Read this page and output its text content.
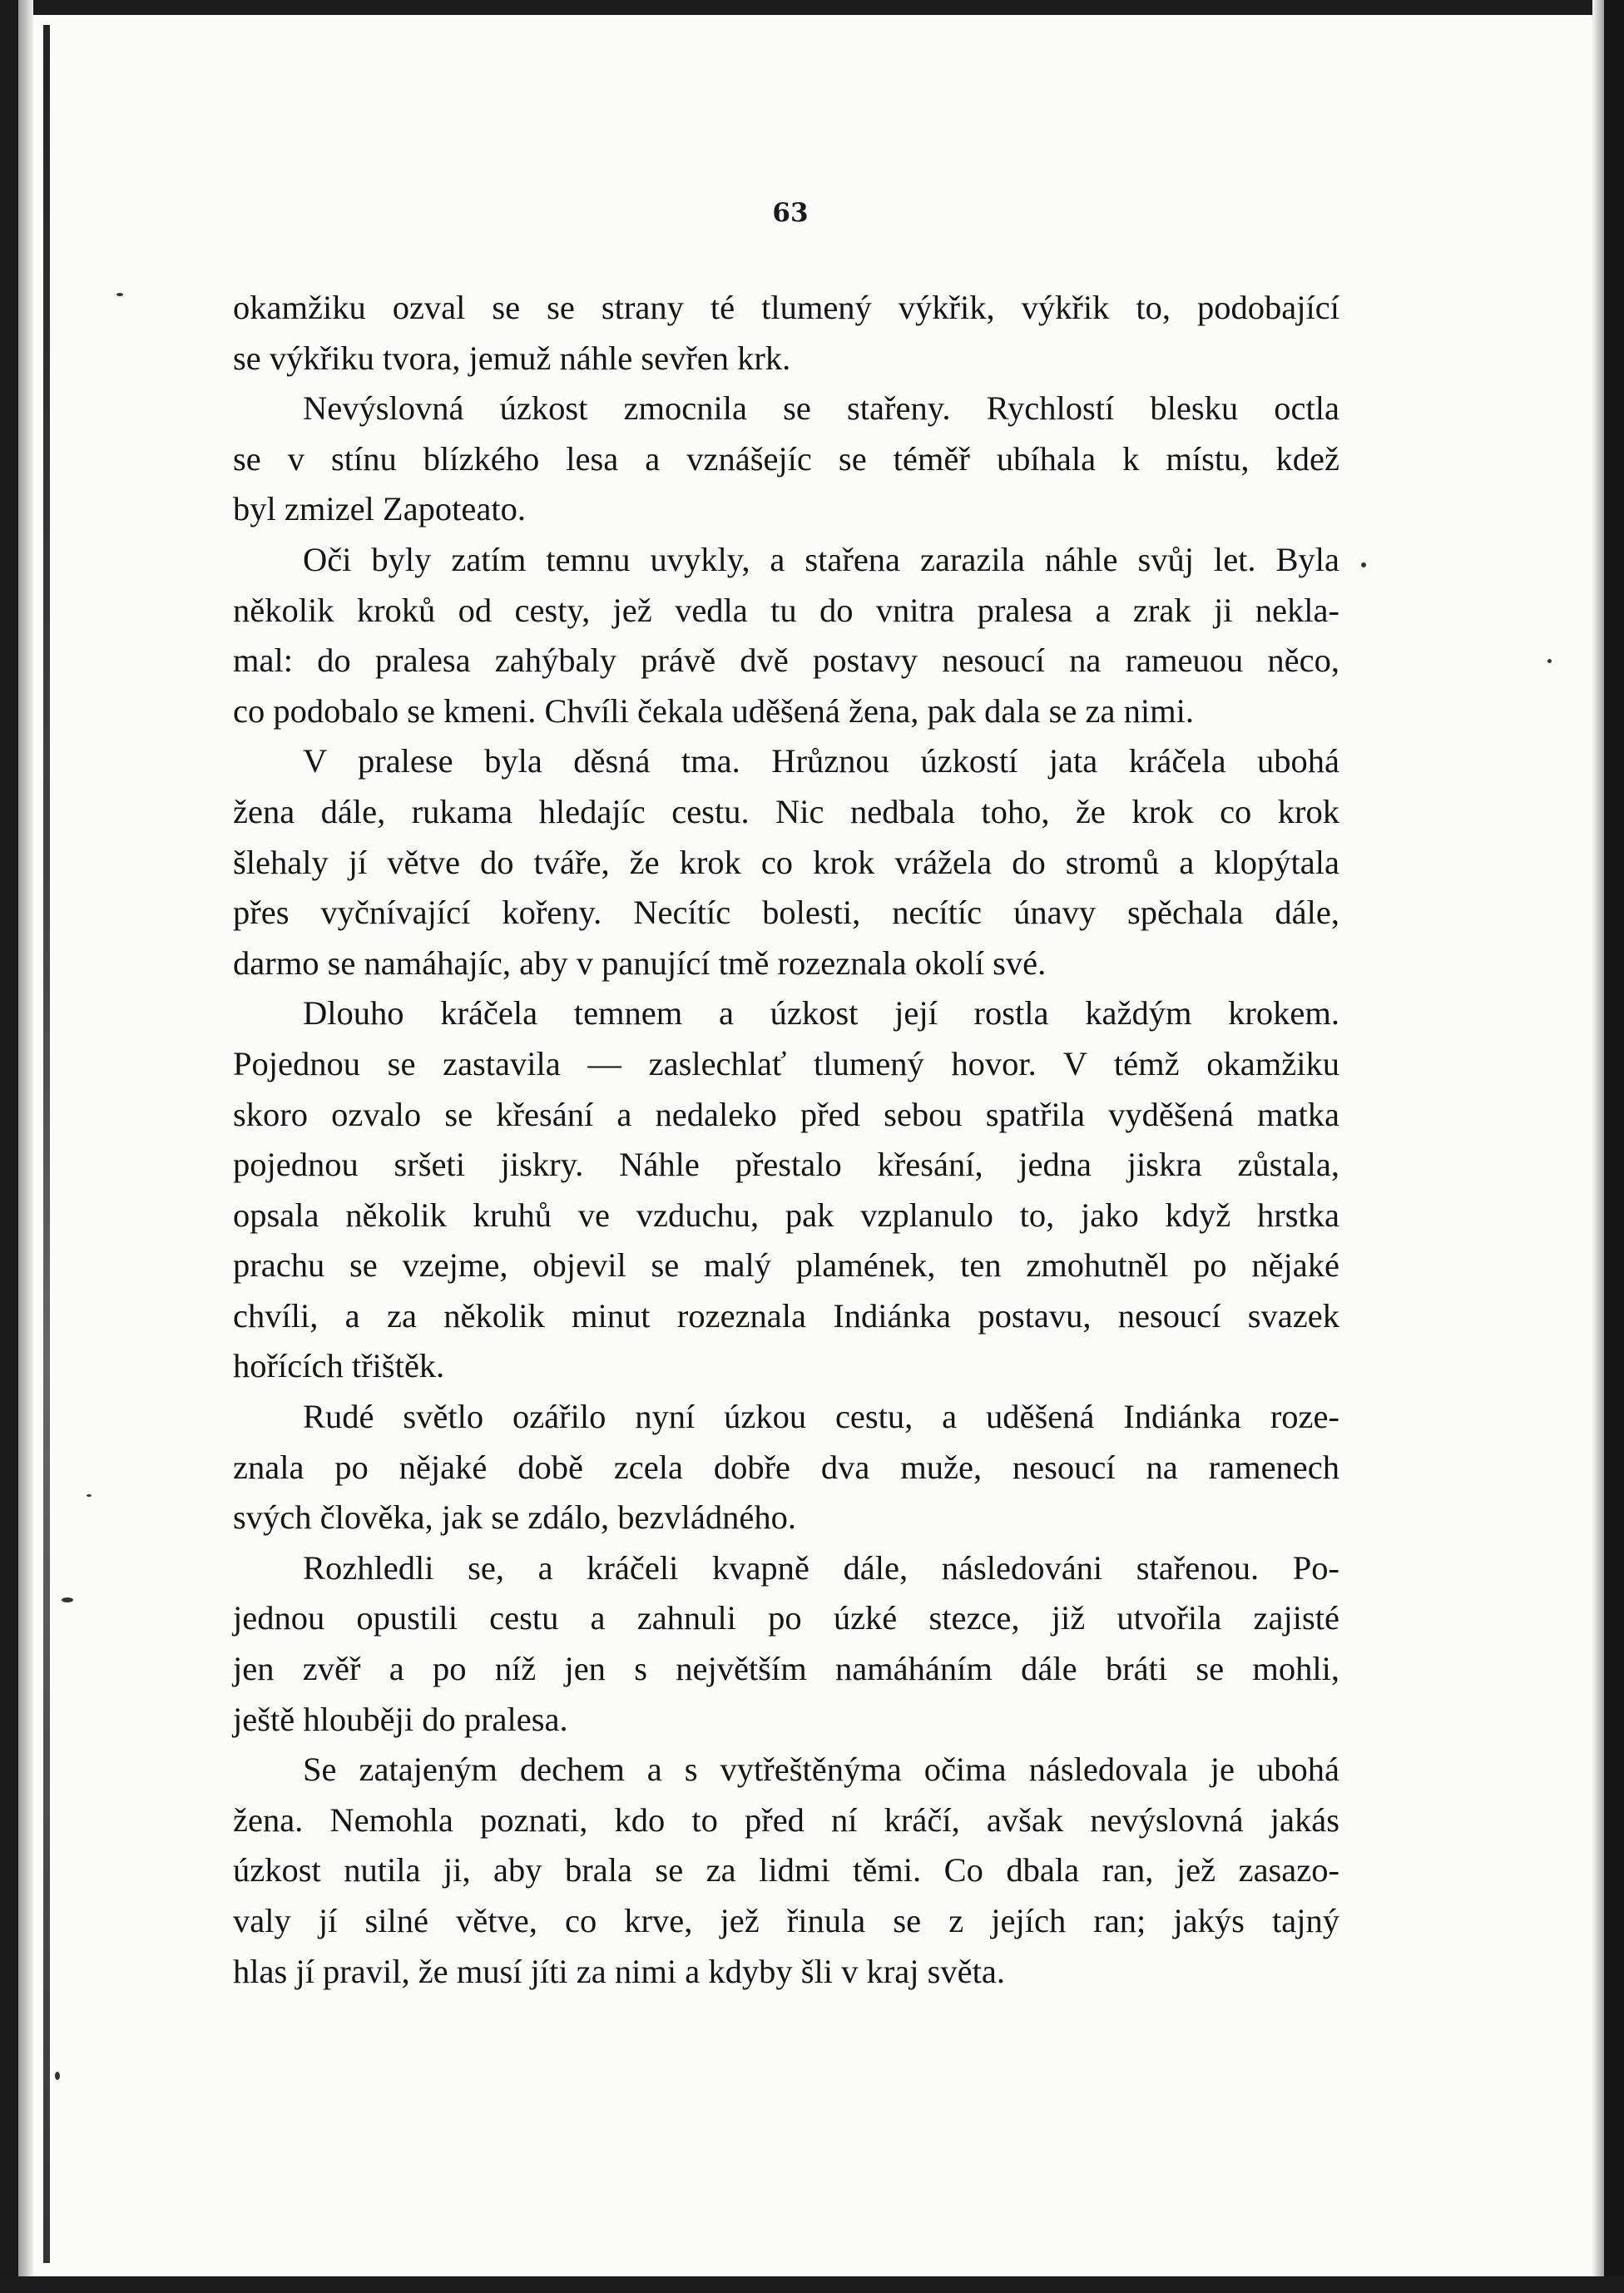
63
okamžiku ozval se se strany té tlumený výkřik, výkřik to, podobající
se výkřiku tvora, jemuž náhle sevřen krk.
Nevýslovná úzkost zmocnila se stařeny. Rychlostí blesku octla
se v stínu blízkého lesa a vznášejíc se téměř ubíhala k místu, kdež
byl zmizel Zapoteato.
Oči byly zatím temnu uvykly, a stařena zarazila náhle svůj let. Byla
několik kroků od cesty, jež vedla tu do vnitra pralesa a zrak ji nekla-
mal: do pralesa zahýbaly právě dvě postavy nesoucí na rameuou něco,
co podobalo se kmeni. Chvíli čekala uděšená žena, pak dala se za nimi.
V pralese byla děsná tma. Hrůznou úzkostí jata kráčela ubohá
žena dále, rukama hledajíc cestu. Nic nedbala toho, že krok co krok
šlehaly jí větve do tváře, že krok co krok vrážela do stromů a klopýtala
přes vyčnívající kořeny. Necítíc bolesti, necítíc únavy spěchala dále,
darmo se namáhajíc, aby v panující tmě rozeznala okolí své.
Dlouho kráčela temnem a úzkost její rostla každým krokem.
Pojednou se zastavila — zaslechlať tlumený hovor. V témž okamžiku
skoro ozvalo se křesání a nedaleko před sebou spatřila vyděšená matka
pojednou sršeti jiskry. Náhle přestalo křesání, jedna jiskra zůstala,
opsala několik kruhů ve vzduchu, pak vzplanulo to, jako když hrstka
prachu se vzejme, objevil se malý plamének, ten zmohutněl po nějaké
chvíli, a za několik minut rozeznala Indiánka postavu, nesoucí svazek
hořících třištěk.
Rudé světlo ozářilo nyní úzkou cestu, a uděšená Indiánka roze-
znala po nějaké době zcela dobře dva muže, nesoucí na ramenech
svých člověka, jak se zdálo, bezvládného.
Rozhledli se, a kráčeli kvapně dále, následováni stařenou. Po-
jednou opustili cestu a zahnuli po úzké stezce, již utvořila zajisté
jen zvěř a po níž jen s největším namáháním dále bráti se mohli,
ještě hlouběji do pralesa.
Se zatajeným dechem a s vytřeštěnýma očima následovala je ubohá
žena. Nemohla poznati, kdo to před ní kráčí, avšak nevýslovná jakás
úzkost nutila ji, aby brala se za lidmi těmi. Co dbala ran, jež zasazo-
valy jí silné větve, co krve, jež řinula se z jejích ran; jakýs tajný
hlas jí pravil, že musí jíti za nimi a kdyby šli v kraj světa.
